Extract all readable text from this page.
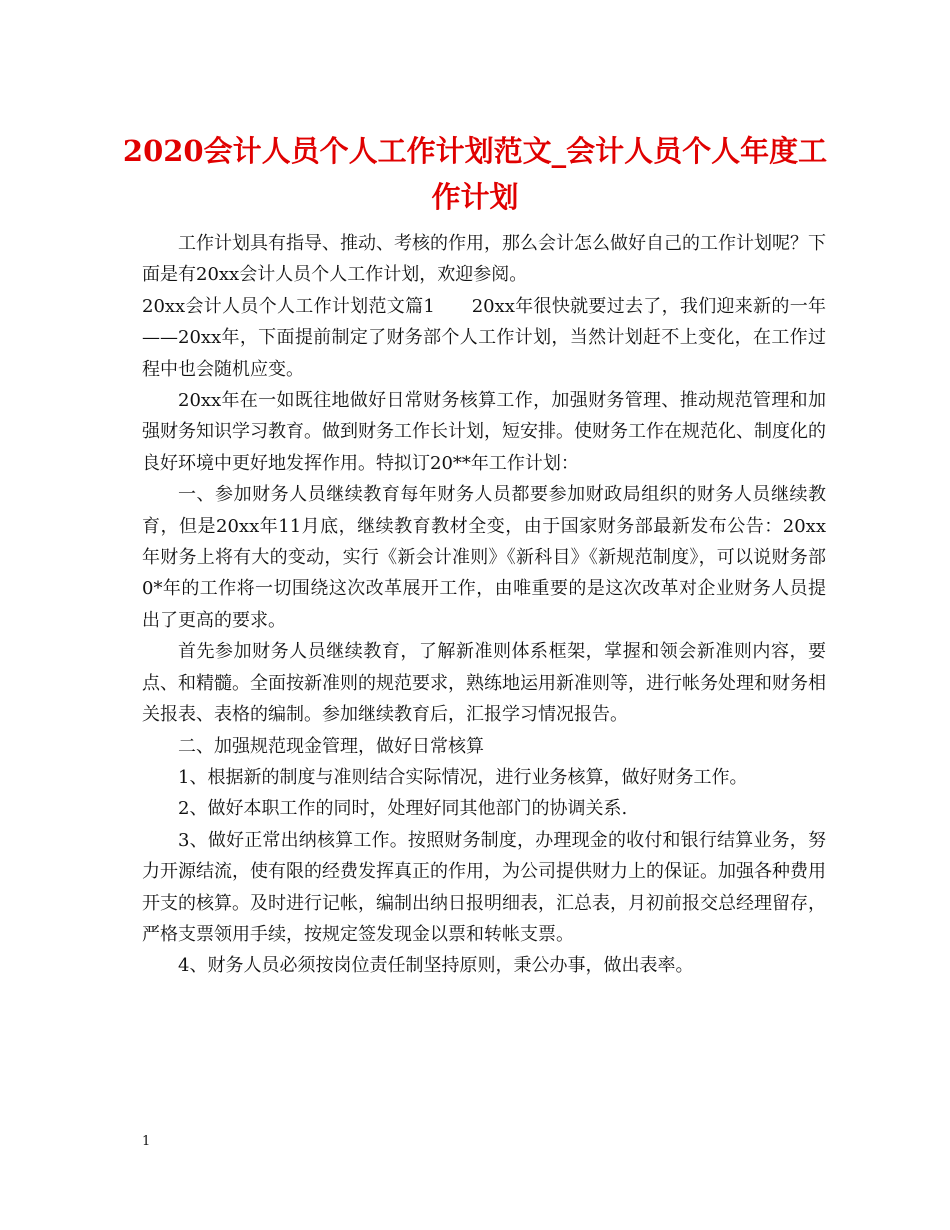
2020会计人员个人工作计划范文_会计人员个人年度工作计划

工作计划具有指导、推动、考核的作用，那么会计怎么做好自己的工作计划呢？下面是有20xx会计人员个人工作计划，欢迎参阅。

20xx会计人员个人工作计划范文篇1　　20xx年很快就要过去了，我们迎来新的一年——20xx年，下面提前制定了财务部个人工作计划，当然计划赶不上变化，在工作过程中也会随机应变。

20xx年在一如既往地做好日常财务核算工作，加强财务管理、推动规范管理和加强财务知识学习教育。做到财务工作长计划，短安排。使财务工作在规范化、制度化的良好环境中更好地发挥作用。特拟订20**年工作计划：

一、参加财务人员继续教育每年财务人员都要参加财政局组织的财务人员继续教育，但是20xx年11月底，继续教育教材全变，由于国家财务部最新发布公告：20xx年财务上将有大的变动，实行《新会计准则》《新科目》《新规范制度》，可以说财务部0*年的工作将一切围绕这次改革展开工作，由唯重要的是这次改革对企业财务人员提出了更高的要求。

首先参加财务人员继续教育，了解新准则体系框架，掌握和领会新准则内容，要点、和精髓。全面按新准则的规范要求，熟练地运用新准则等，进行帐务处理和财务相关报表、表格的编制。参加继续教育后，汇报学习情况报告。

二、加强规范现金管理，做好日常核算

1、根据新的制度与准则结合实际情况，进行业务核算，做好财务工作。

2、做好本职工作的同时，处理好同其他部门的协调关系.

3、做好正常出纳核算工作。按照财务制度，办理现金的收付和银行结算业务，努力开源结流，使有限的经费发挥真正的作用，为公司提供财力上的保证。加强各种费用开支的核算。及时进行记帐，编制出纳日报明细表，汇总表，月初前报交总经理留存，严格支票领用手续，按规定签发现金以票和转帐支票。

4、财务人员必须按岗位责任制坚持原则，秉公办事，做出表率。

1
